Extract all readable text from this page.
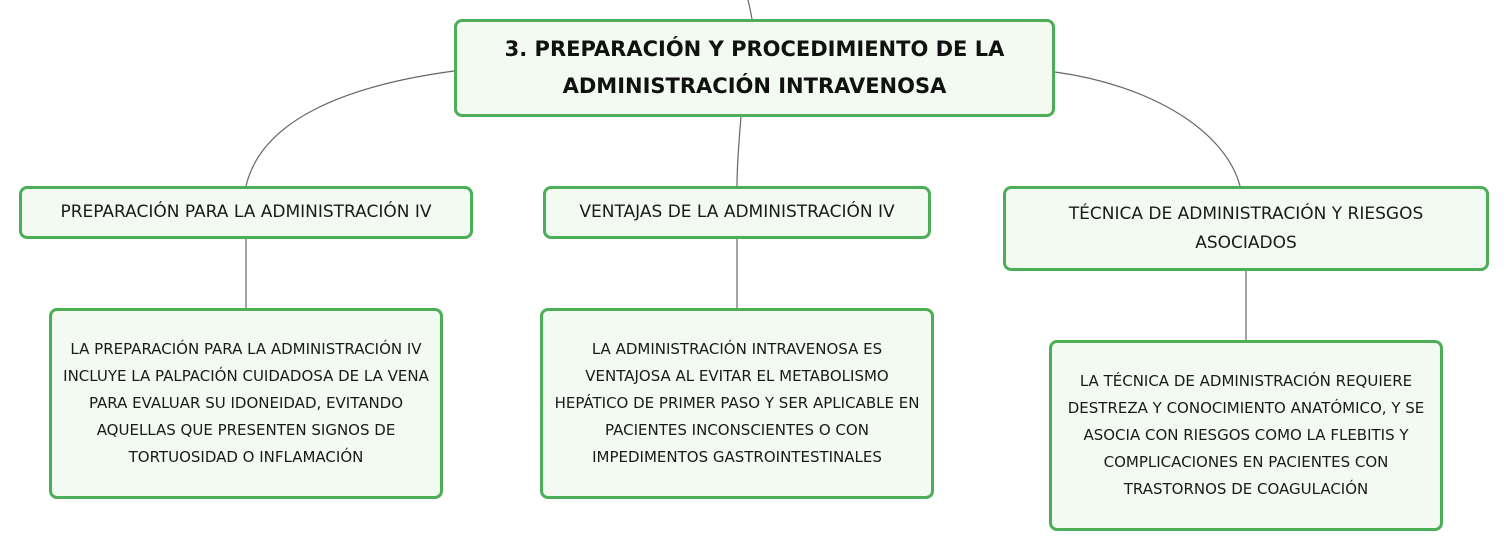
3. PREPARACIÓN Y PROCEDIMIENTO DE LA ADMINISTRACIÓN INTRAVENOSA
PREPARACIÓN PARA LA ADMINISTRACIÓN IV	VENTAJAS DE LA ADMINISTRACIÓN IV	TÉCNICA DE ADMINISTRACIÓN Y RIESGOS ASOCIADOS
LA PREPARACIÓN PARA LA ADMINISTRACIÓN IV INCLUYE LA PALPACIÓN CUIDADOSA DE LA VENA PARA EVALUAR SU IDONEIDAD, EVITANDO AQUELLAS QUE PRESENTEN SIGNOS DE TORTUOSIDAD O INFLAMACIÓN
LA ADMINISTRACIÓN INTRAVENOSA ES VENTAJOSA AL EVITAR EL METABOLISMO HEPÁTICO DE PRIMER PASO Y SER APLICABLE EN PACIENTES INCONSCIENTES O CON IMPEDIMENTOS GASTROINTESTINALES
LA TÉCNICA DE ADMINISTRACIÓN REQUIERE DESTREZA Y CONOCIMIENTO ANATÓMICO, Y SE ASOCIA CON RIESGOS COMO LA FLEBITIS Y COMPLICACIONES EN PACIENTES CON TRASTORNOS DE COAGULACIÓN
